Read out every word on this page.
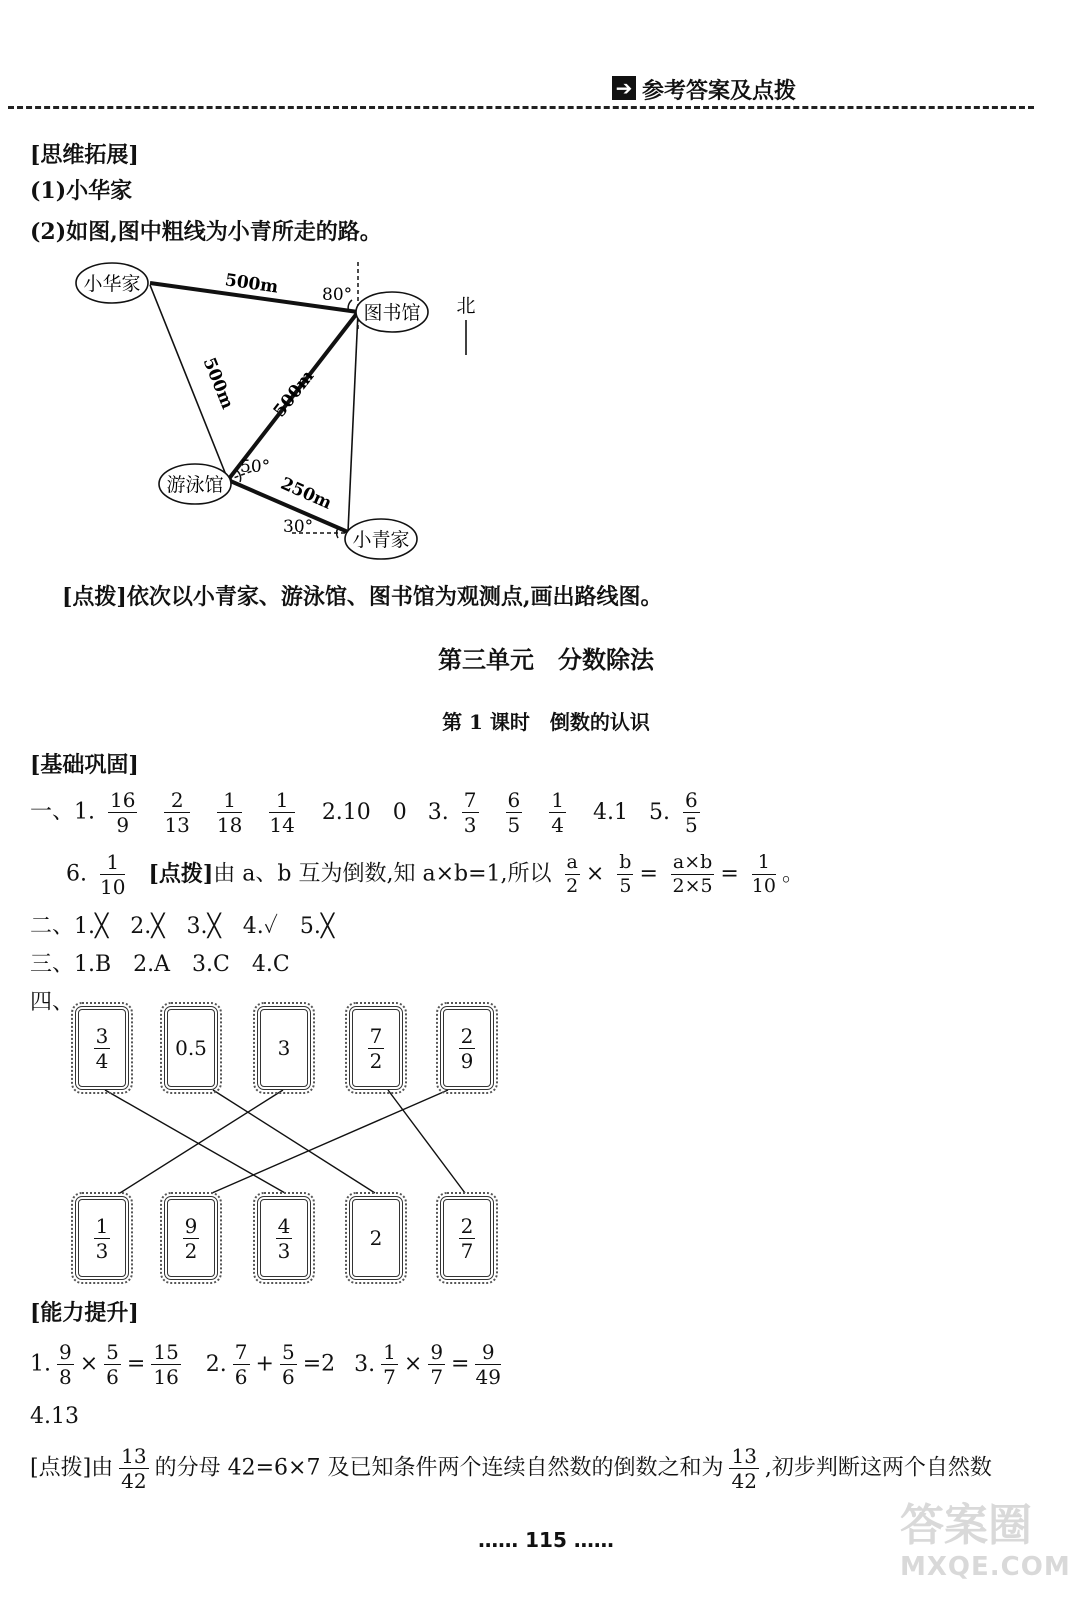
➔ 参考答案及点拨
[思维拓展]
(1)小华家
(2)如图,图中粗线为小青所走的路。
小华家
图书馆
游泳馆
小青家
500m
500m 500m
250m
80°
50°
30°
北
[点拨]依次以小青家、游泳馆、图书馆为观测点,画出路线图。
第三单元　分数除法
第 1 课时　倒数的认识
[基础巩固]
一、1. $\frac{16}{9}$
$\frac{2}{13}$
$\frac{1}{18}$
$\frac{1}{14} 2.10$　0 3. $\frac{7}{3}$
$\frac{6}{5}$
$\frac{1}{4} 4.1$ 5. $\frac{6}{5}$
6. $\frac{1}{10}$ [点拨]由 a、b 互为倒数,知 a×b=1,所以 $\frac{a}{2} \times \frac{b}{5} = \frac{a\times b}{2\times 5} = \frac{1}{10}$ 。
二、1.╳　2.╳　3.╳　4.✓　5.╳
三、1.B　2.A　3.C　4.C
四、
$\frac{3}{4}$	0.5	3	$\frac{7}{2}$	$\frac{2}{9}$
$\frac{1}{3}$	$\frac{9}{2}$	$\frac{4}{3}$	2	$\frac{2}{7}$
[能力提升]
1. $\frac{9}{8} \times \frac{5}{6} = \frac{15}{16} 2$. $\frac{7}{6} + \frac{5}{6} =2$ 3. $\frac{1}{7} \times \frac{9}{7} = \frac{9}{49}$
4.13
[点拨]由 $\frac{13}{42}$ 的分母 42=6×7 及已知条件两个连续自然数的倒数之和为 $\frac{13}{42}$ ,初步判断这两个自然数
…… 115 ……	答案圈
MXQE.COM
